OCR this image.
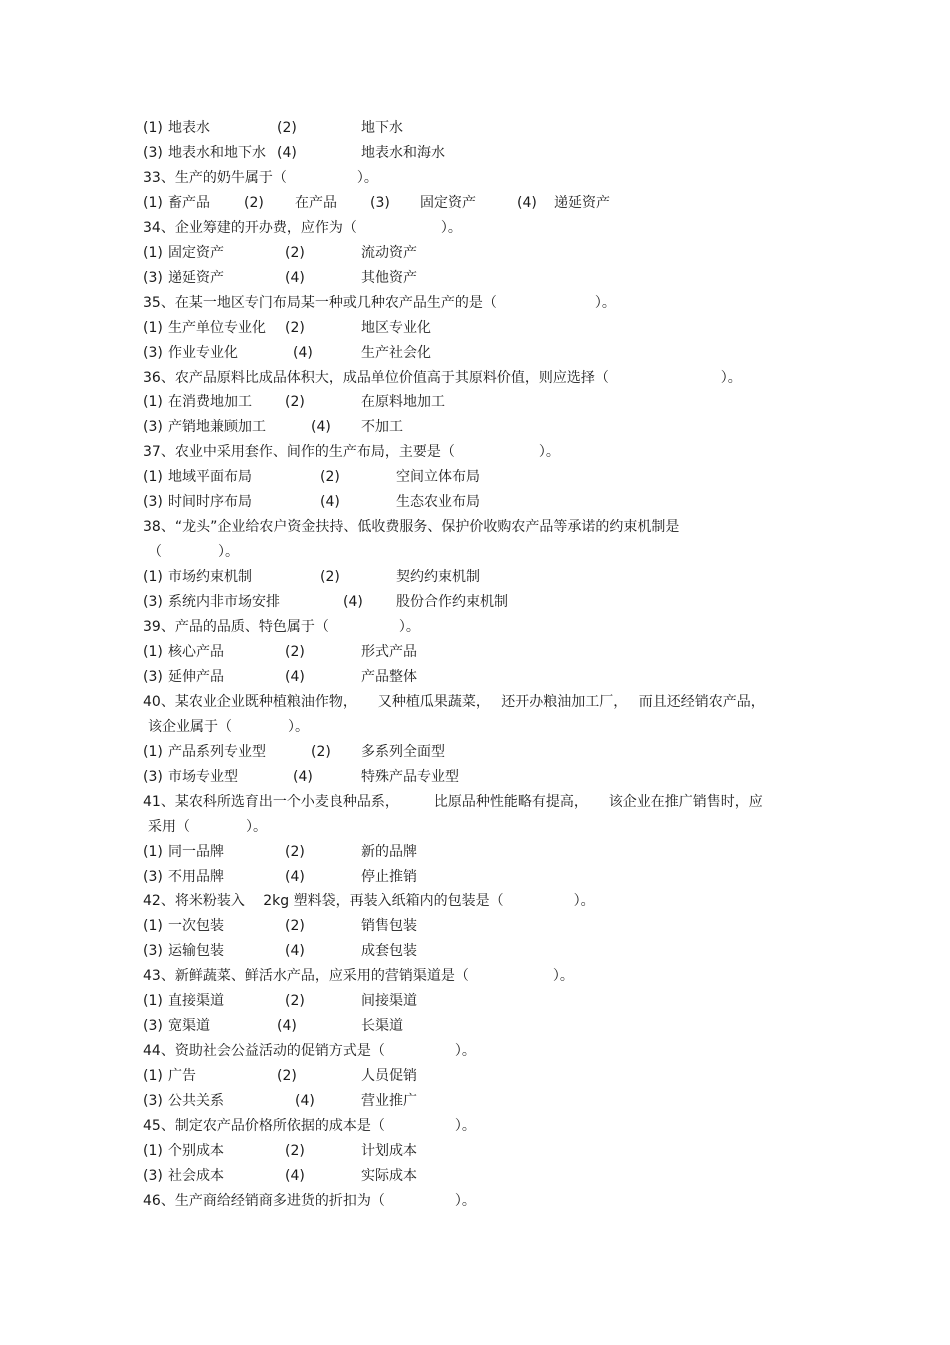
(1) 地表水	(2)	地下水
(3) 地表水和地下水 (4)	地表水和海水
33、生产的奶牛属于（　　　　　）。
(1) 畜产品 (2) 在产品 (3) 固定资产	(4) 递延资产
34、企业筹建的开办费，应作为（　　　　　　）。
(1) 固定资产	(2)	流动资产
(3) 递延资产	(4)	其他资产
35、在某一地区专门布局某一种或几种农产品生产的是（　　　　　　　）。
(1) 生产单位专业化 (2)	地区专业化
(3) 作业专业化	(4)	生产社会化
36、农产品原料比成品体积大，成品单位价值高于其原料价值，则应选择（　　　　　　　　）。
(1) 在消费地加工 (2)	在原料地加工
(3) 产销地兼顾加工	(4) 不加工
37、农业中采用套作、间作的生产布局，主要是（　　　　　　）。
(1) 地域平面布局	(2)	空间立体布局
(3) 时间时序布局	(4)	生态农业布局
38、“龙头”企业给农户资金扶持、低收费服务、保护价收购农产品等承诺的约束机制是
（　　　　）。
(1) 市场约束机制	(2)	契约约束机制
(3) 系统内非市场安排	(4) 股份合作约束机制
39、产品的品质、特色属于（　　　　　）。
(1) 核心产品	(2)	形式产品
(3) 延伸产品	(4)	产品整体
40、某农业企业既种植粮油作物，　　又种植瓜果蔬菜，　 还开办粮油加工厂，　 而且还经销农产品，
该企业属于（　　　　）。
(1) 产品系列专业型	(2) 多系列全面型
(3) 市场专业型	(4)	特殊产品专业型
41、某农科所选育出一个小麦良种品系，　　　比原品种性能略有提高，　　该企业在推广销售时，应
采用（　　　　）。
(1) 同一品牌	(2)	新的品牌
(3) 不用品牌	(4)	停止推销
42、将米粉装入　 2kg 塑料袋，再装入纸箱内的包装是（　　　　　）。
(1) 一次包装	(2)	销售包装
(3) 运输包装	(4)	成套包装
43、新鲜蔬菜、鲜活水产品，应采用的营销渠道是（　　　　　　）。
(1) 直接渠道	(2)	间接渠道
(3) 宽渠道	(4)	长渠道
44、资助社会公益活动的促销方式是（　　　　　）。
(1) 广告	(2)	人员促销
(3) 公共关系	(4)	营业推广
45、制定农产品价格所依据的成本是（　　　　　）。
(1) 个别成本	(2)	计划成本
(3) 社会成本	(4)	实际成本
46、生产商给经销商多进货的折扣为（　　　　　）。
